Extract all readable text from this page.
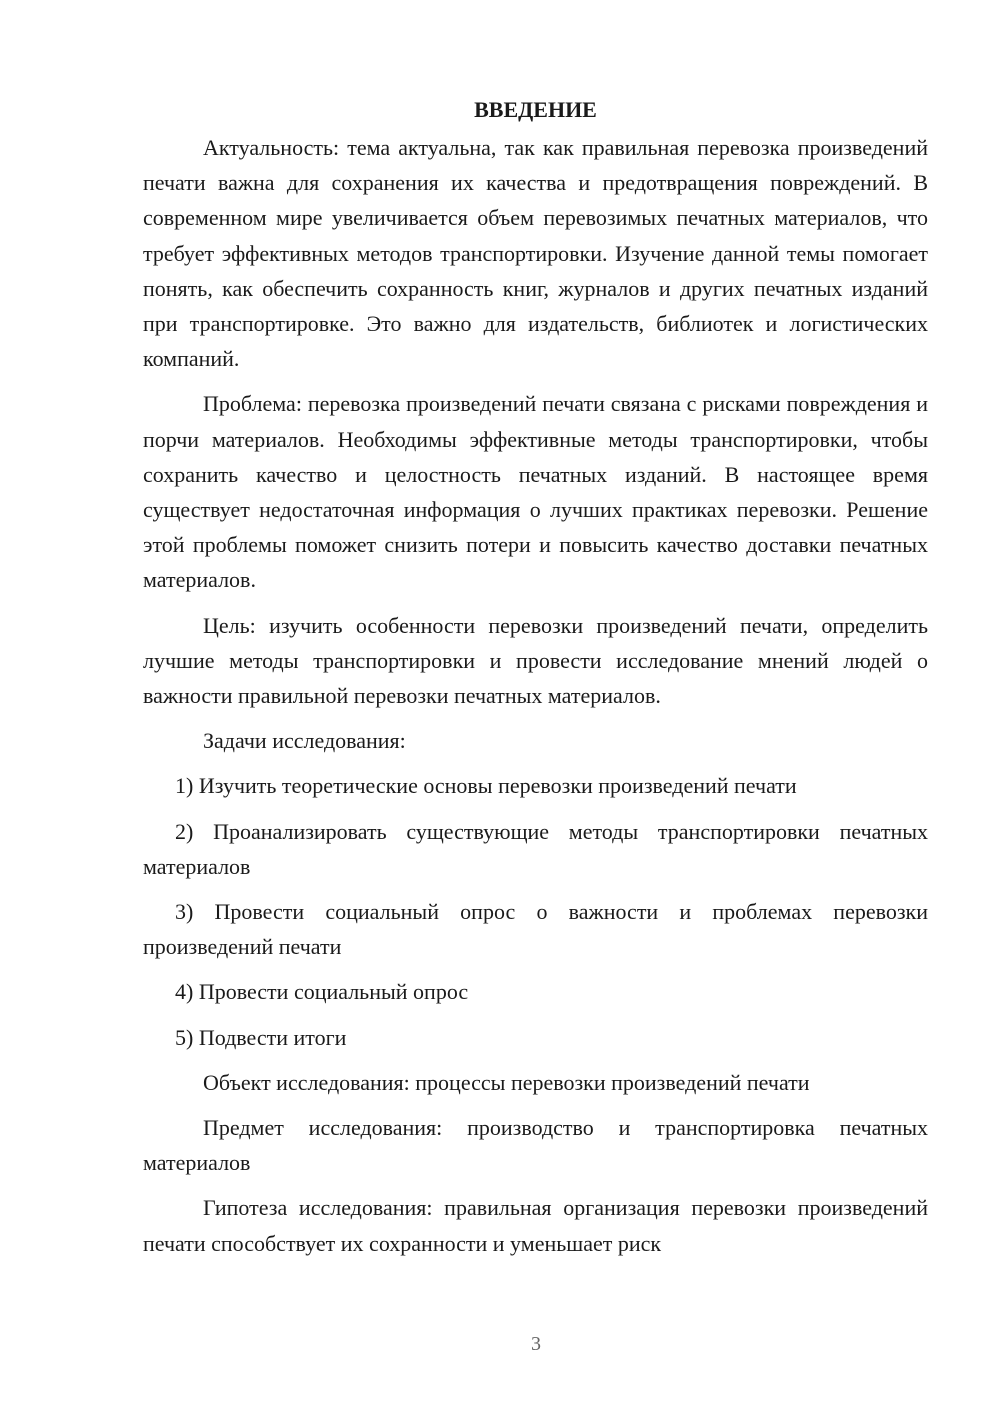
ВВЕДЕНИЕ

Актуальность: тема актуальна, так как правильная перевозка произведений печати важна для сохранения их качества и предотвращения повреждений. В современном мире увеличивается объем перевозимых печатных материалов, что требует эффективных методов транспортировки. Изучение данной темы помогает понять, как обеспечить сохранность книг, журналов и других печатных изданий при транспортировке. Это важно для издательств, библиотек и логистических компаний.

Проблема: перевозка произведений печати связана с рисками повреждения и порчи материалов. Необходимы эффективные методы транспортировки, чтобы сохранить качество и целостность печатных изданий. В настоящее время существует недостаточная информация о лучших практиках перевозки. Решение этой проблемы поможет снизить потери и повысить качество доставки печатных материалов.

Цель: изучить особенности перевозки произведений печати, определить лучшие методы транспортировки и провести исследование мнений людей о важности правильной перевозки печатных материалов.

Задачи исследования:

1) Изучить теоретические основы перевозки произведений печати

2) Проанализировать существующие методы транспортировки печатных материалов

3) Провести социальный опрос о важности и проблемах перевозки произведений печати

4) Провести социальный опрос

5) Подвести итоги

Объект исследования: процессы перевозки произведений печати

Предмет исследования: производство и транспортировка печатных материалов

Гипотеза исследования: правильная организация перевозки произведений печати способствует их сохранности и уменьшает риск

3
